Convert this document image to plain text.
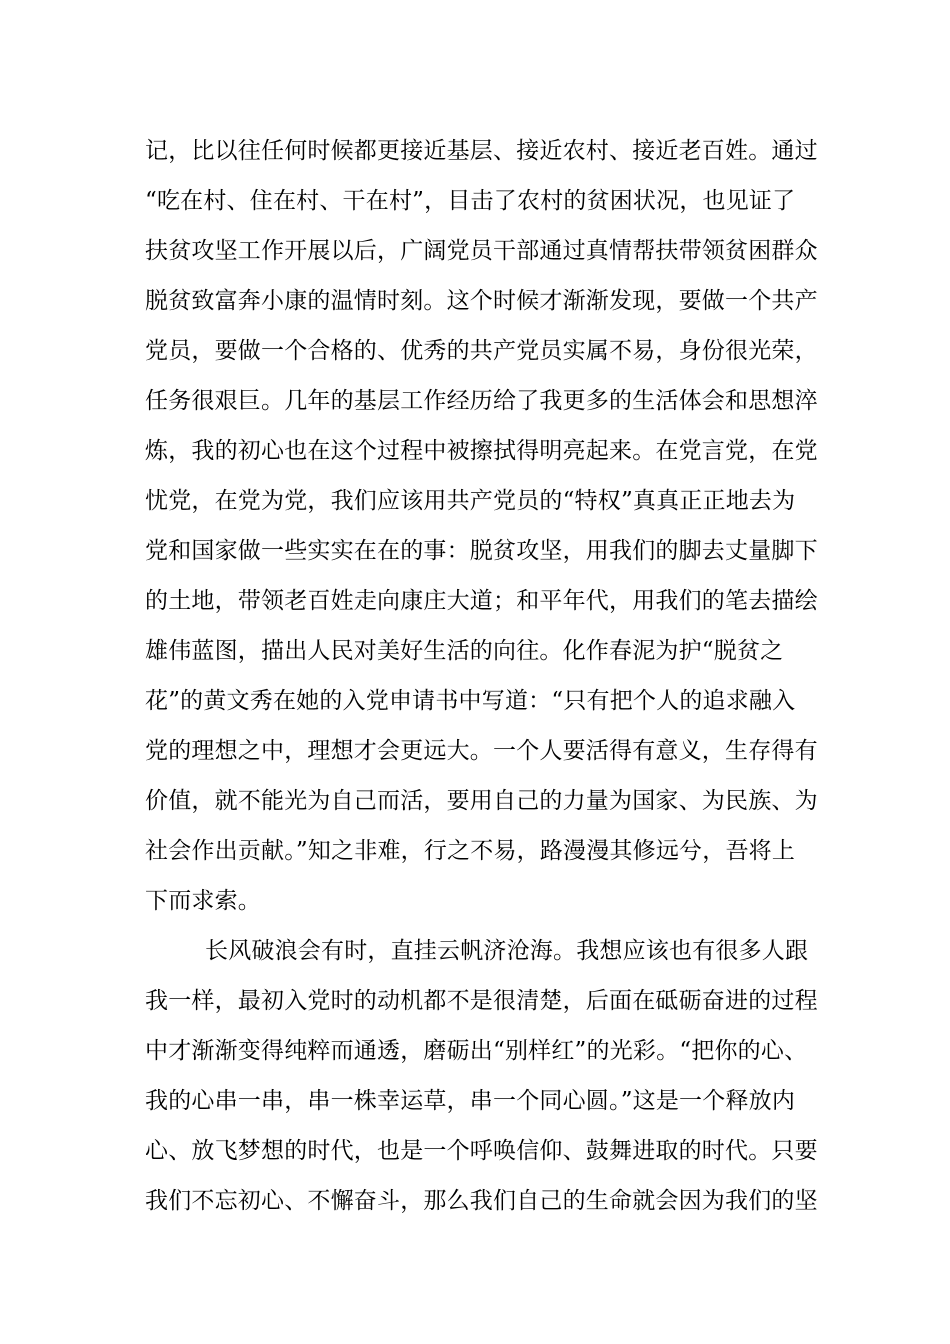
记，比以往任何时候都更接近基层、接近农村、接近老百姓。通过
“吃在村、住在村、干在村”，目击了农村的贫困状况，也见证了
扶贫攻坚工作开展以后，广阔党员干部通过真情帮扶带领贫困群众
脱贫致富奔小康的温情时刻。这个时候才渐渐发现，要做一个共产
党员，要做一个合格的、优秀的共产党员实属不易，身份很光荣，
任务很艰巨。几年的基层工作经历给了我更多的生活体会和思想淬
炼，我的初心也在这个过程中被擦拭得明亮起来。在党言党，在党
忧党，在党为党，我们应该用共产党员的“特权”真真正正地去为
党和国家做一些实实在在的事：脱贫攻坚，用我们的脚去丈量脚下
的土地，带领老百姓走向康庄大道；和平年代，用我们的笔去描绘
雄伟蓝图，描出人民对美好生活的向往。化作春泥为护“脱贫之
花”的黄文秀在她的入党申请书中写道：“只有把个人的追求融入
党的理想之中，理想才会更远大。一个人要活得有意义，生存得有
价值，就不能光为自己而活，要用自己的力量为国家、为民族、为
社会作出贡献。”知之非难，行之不易，路漫漫其修远兮，吾将上
下而求索。
长风破浪会有时，直挂云帆济沧海。我想应该也有很多人跟
我一样，最初入党时的动机都不是很清楚，后面在砥砺奋进的过程
中才渐渐变得纯粹而通透，磨砺出“别样红”的光彩。“把你的心、
我的心串一串，串一株幸运草，串一个同心圆。”这是一个释放内
心、放飞梦想的时代，也是一个呼唤信仰、鼓舞进取的时代。只要
我们不忘初心、不懈奋斗，那么我们自己的生命就会因为我们的坚
